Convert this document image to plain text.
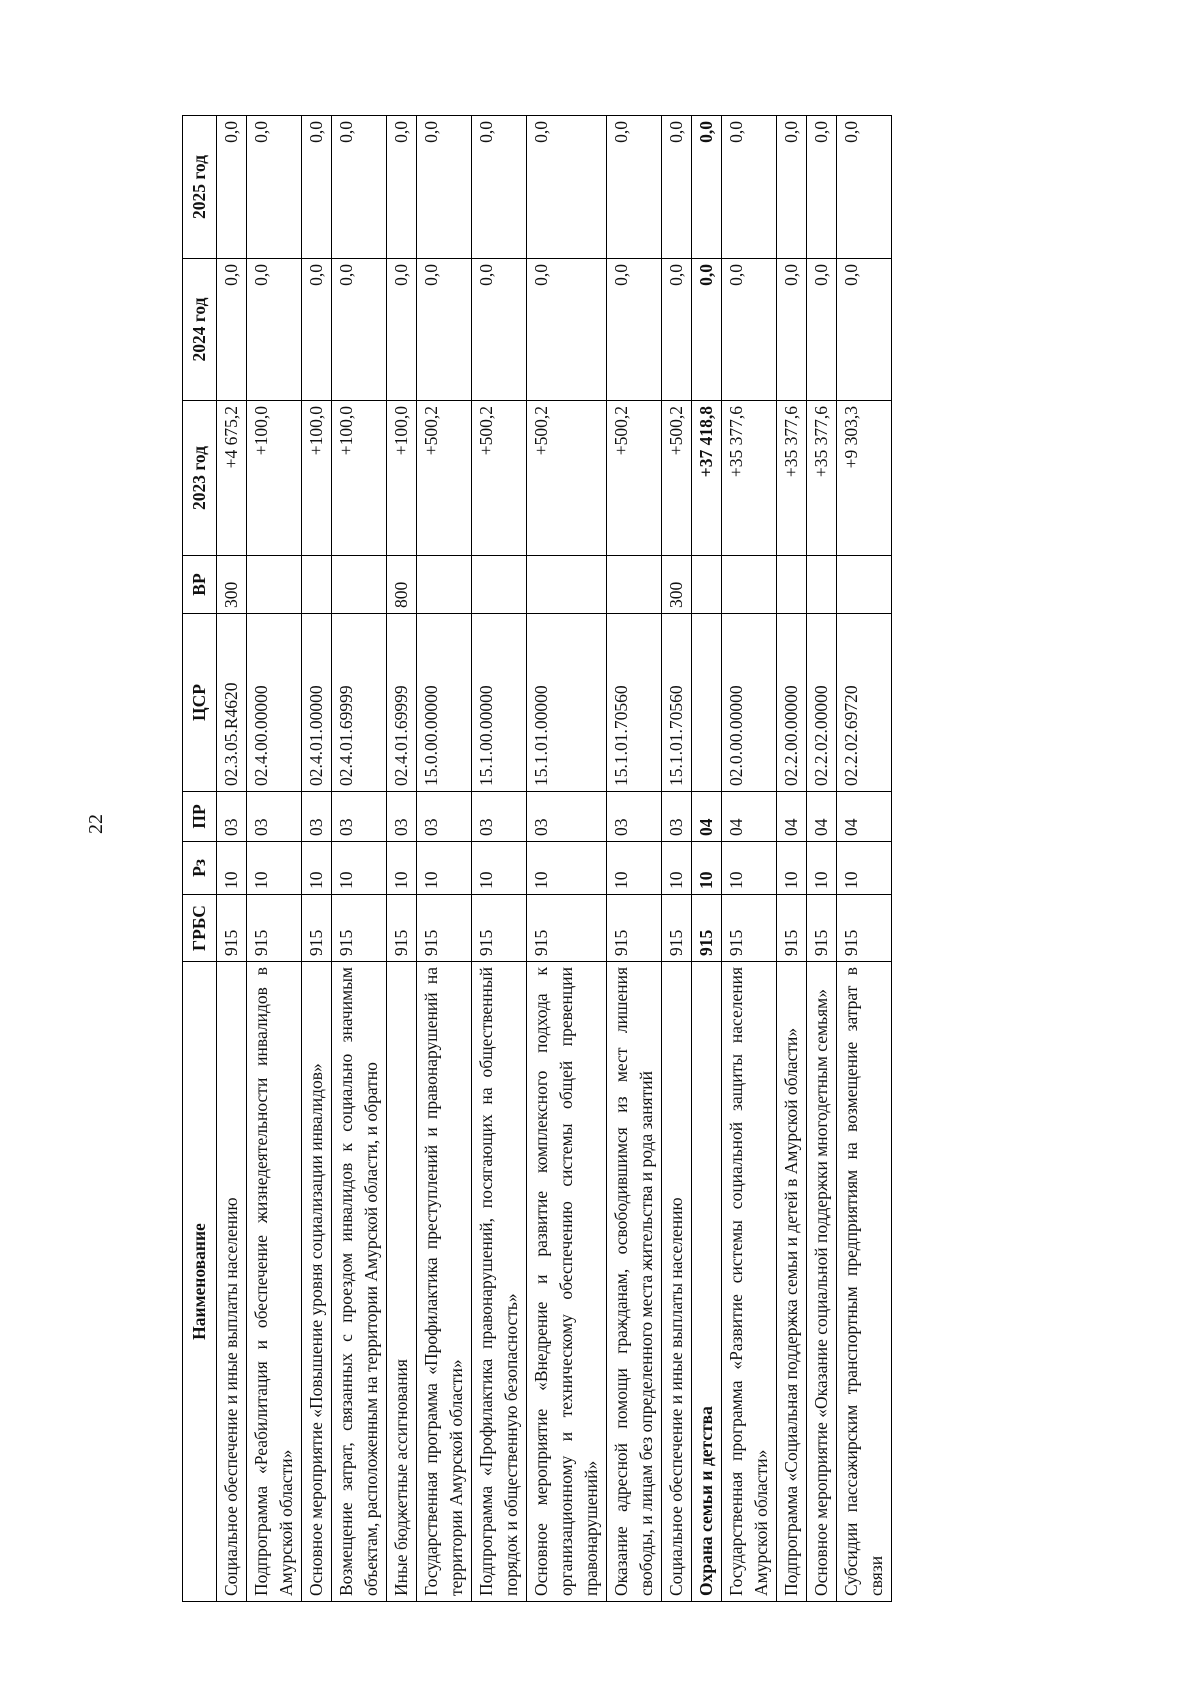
22
Наименование	ГРБС	Рз	ПР	ЦСР	ВР	2023 год	2024 год	2025 год
Социальное обеспечение и иные выплаты населению	915	10	03	02.3.05.R4620	300	+4 675,2	0,0	0,0
Подпрограмма «Реабилитация и обеспечение жизнедеятельности инвалидов в Амурской области»	915	10	03	02.4.00.00000		+100,0	0,0	0,0
Основное мероприятие «Повышение уровня социализации инвалидов»	915	10	03	02.4.01.00000		+100,0	0,0	0,0
Возмещение затрат, связанных с проездом инвалидов к социально значимым объектам, расположенным на территории Амурской области, и обратно	915	10	03	02.4.01.69999		+100,0	0,0	0,0
Иные бюджетные ассигнования	915	10	03	02.4.01.69999	800	+100,0	0,0	0,0
Государственная программа «Профилактика преступлений и правонарушений на территории Амурской области»	915	10	03	15.0.00.00000		+500,2	0,0	0,0
Подпрограмма «Профилактика правонарушений, посягающих на общественный порядок и общественную безопасность»	915	10	03	15.1.00.00000		+500,2	0,0	0,0
Основное мероприятие «Внедрение и развитие комплексного подхода к организационному и техническому обеспечению системы общей превенции правонарушений»	915	10	03	15.1.01.00000		+500,2	0,0	0,0
Оказание адресной помощи гражданам, освободившимся из мест лишения свободы, и лицам без определенного места жительства и рода занятий	915	10	03	15.1.01.70560		+500,2	0,0	0,0
Социальное обеспечение и иные выплаты населению	915	10	03	15.1.01.70560	300	+500,2	0,0	0,0
Охрана семьи и детства	915	10	04			+37 418,8	0,0	0,0
Государственная программа «Развитие системы социальной защиты населения Амурской области»	915	10	04	02.0.00.00000		+35 377,6	0,0	0,0
Подпрограмма «Социальная поддержка семьи и детей в Амурской области»	915	10	04	02.2.00.00000		+35 377,6	0,0	0,0
Основное мероприятие «Оказание социальной поддержки многодетным семьям»	915	10	04	02.2.02.00000		+35 377,6	0,0	0,0
Субсидии пассажирским транспортным предприятиям на возмещение затрат в связи	915	10	04	02.2.02.69720		+9 303,3	0,0	0,0
